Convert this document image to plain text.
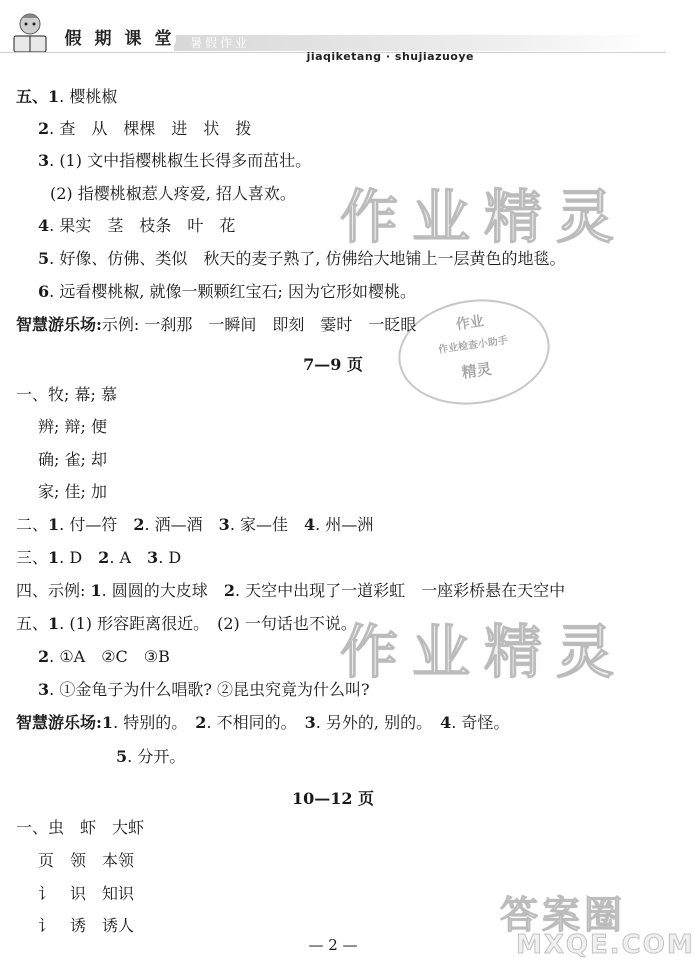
假 期 课 堂	暑假作业
jiaqiketang · shujiazuoye
作业精灵
作业精灵
作业
作业检查小助手
精灵
答案圈
MXQE.COM
五、1. 樱桃椒
2. 查　从　棵棵　进　状　拨
3. (1) 文中指樱桃椒生长得多而茁壮。
(2) 指樱桃椒惹人疼爱, 招人喜欢。
4. 果实　茎　枝条　叶　花
5. 好像、仿佛、类似　秋天的麦子熟了, 仿佛给大地铺上一层黄色的地毯。
6. 远看樱桃椒, 就像一颗颗红宝石; 因为它形如樱桃。
智慧游乐场:示例: 一刹那　一瞬间　即刻　霎时　一眨眼
7—9 页
一、牧; 幕; 慕
辨; 辩; 便
确; 雀; 却
家; 佳; 加
二、1. 付—符　2. 洒—酒　3. 家—佳　4. 州—洲
三、1. D　2. A　3. D
四、示例: 1. 圆圆的大皮球　2. 天空中出现了一道彩虹　一座彩桥悬在天空中
五、1. (1) 形容距离很近。　(2) 一句话也不说。
2. ①A　②C　③B
3. ①金龟子为什么唱歌? ②昆虫究竟为什么叫?
智慧游乐场:1. 特别的。　2. 不相同的。　3. 另外的, 别的。　4. 奇怪。
5. 分开。
10—12 页
一、虫　虾　大虾
页　领　本领
讠　识　知识
讠　诱　诱人
— 2 —
